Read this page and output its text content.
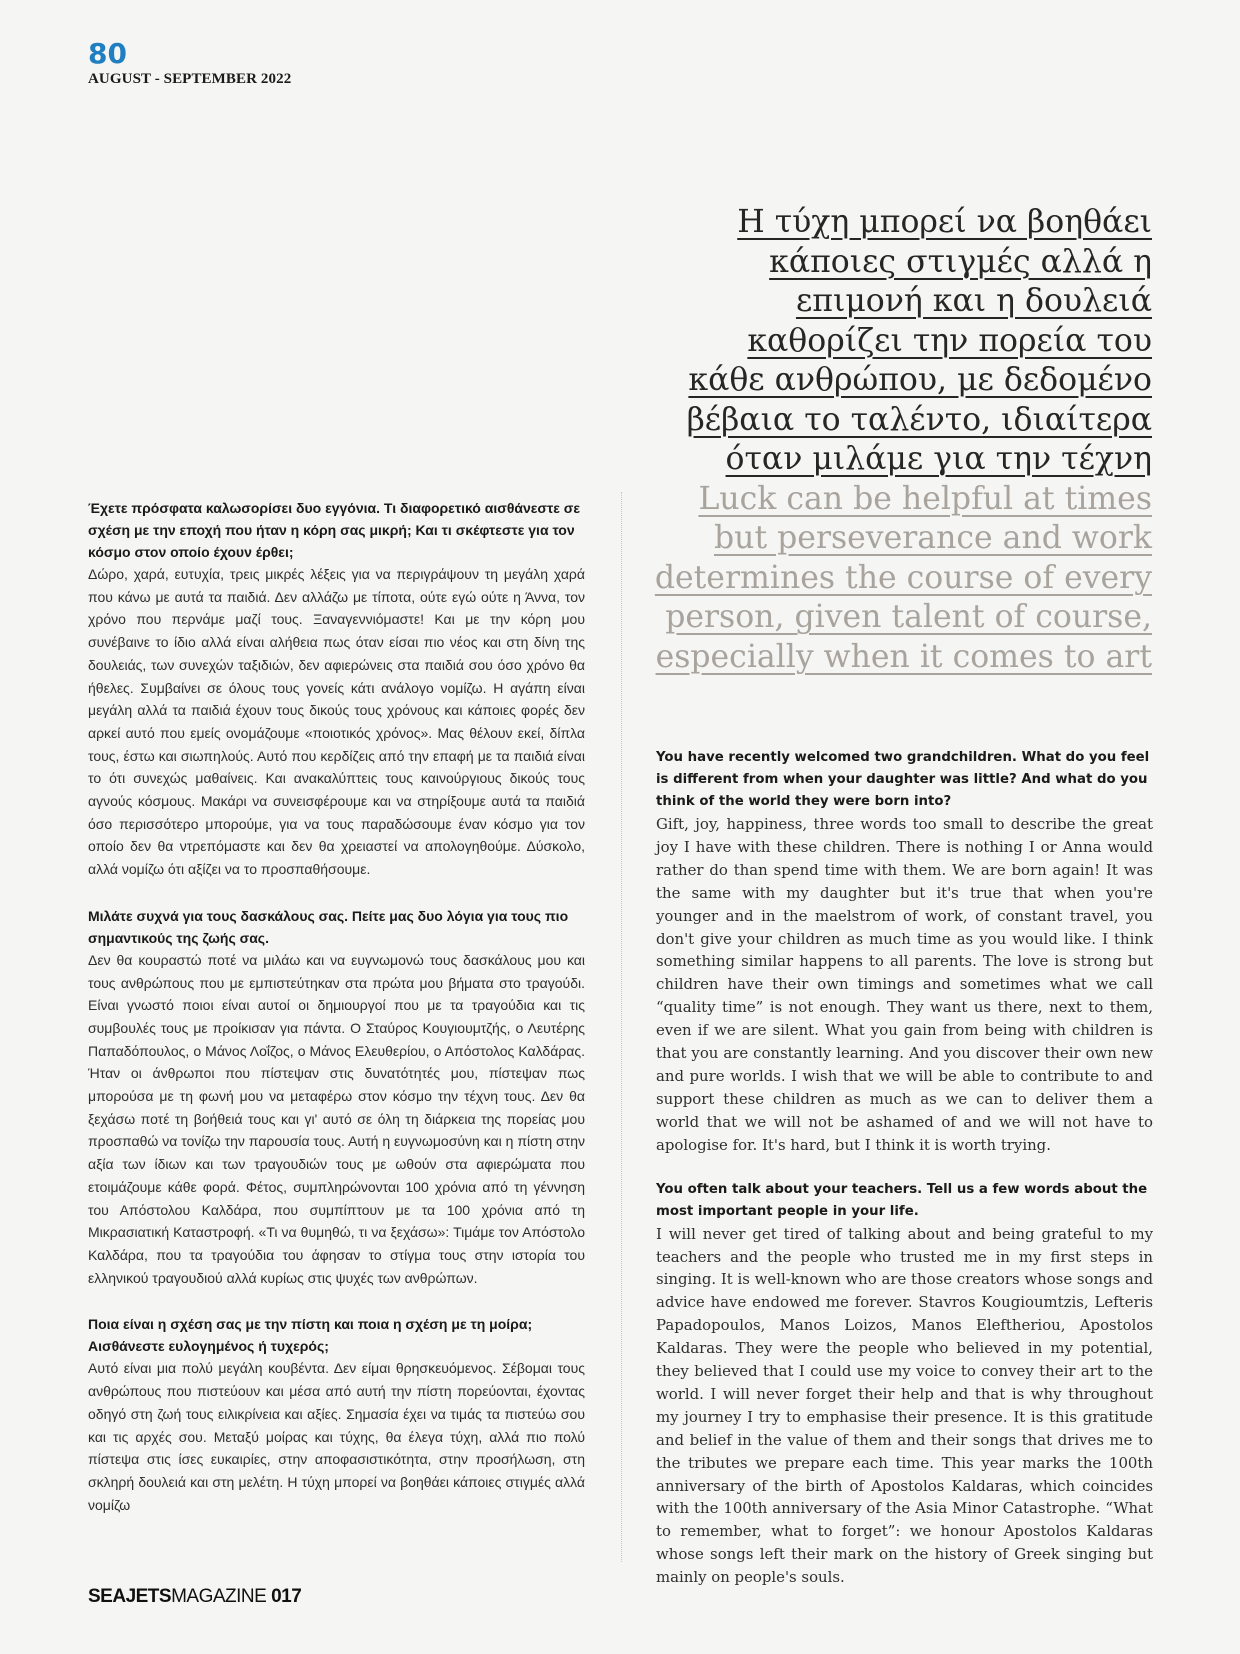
80
AUGUST - SEPTEMBER 2022

Η τύχη μπορεί να βοηθάει

κάποιες στιγμές αλλά η

επιμονή και η δουλειά

καθορίζει την πορεία του

κάθε ανθρώπου, με δεδομένο

βέβαια το ταλέντο, ιδιαίτερα

όταν μιλάμε για την τέχνη

Luck can be helpful at times

but perseverance and work

determines the course of every

person, given talent of course,

especially when it comes to art

Έχετε πρόσφατα καλωσορίσει δυο εγγόνια. Τι διαφορετικό αισθάνεστε σε σχέση με την εποχή που ήταν η κόρη σας μικρή; Και τι σκέφτεστε για τον κόσμο στον οποίο έχουν έρθει;

Δώρο, χαρά, ευτυχία, τρεις μικρές λέξεις για να περιγράψουν τη μεγάλη χαρά που κάνω με αυτά τα παιδιά. Δεν αλλάζω με τίποτα, ούτε εγώ ούτε η Άννα, τον χρόνο που περνάμε μαζί τους. Ξαναγεννιόμαστε! Και με την κόρη μου συνέβαινε το ίδιο αλλά είναι αλήθεια πως όταν είσαι πιο νέος και στη δίνη της δουλειάς, των συνεχών ταξιδιών, δεν αφιερώνεις στα παιδιά σου όσο χρόνο θα ήθελες. Συμβαίνει σε όλους τους γονείς κάτι ανάλογο νομίζω. Η αγάπη είναι μεγάλη αλλά τα παιδιά έχουν τους δικούς τους χρόνους και κάποιες φορές δεν αρκεί αυτό που εμείς ονομάζουμε «ποιοτικός χρόνος». Μας θέλουν εκεί, δίπλα τους, έστω και σιωπηλούς. Αυτό που κερδίζεις από την επαφή με τα παιδιά είναι το ότι συνεχώς μαθαίνεις. Και ανακαλύπτεις τους καινούργιους δικούς τους αγνούς κόσμους. Μακάρι να συνεισφέρουμε και να στηρίξουμε αυτά τα παιδιά όσο περισσότερο μπορούμε, για να τους παραδώσουμε έναν κόσμο για τον οποίο δεν θα ντρεπόμαστε και δεν θα χρειαστεί να απολογηθούμε. Δύσκολο, αλλά νομίζω ότι αξίζει να το προσπαθήσουμε.

Μιλάτε συχνά για τους δασκάλους σας. Πείτε μας δυο λόγια για τους πιο σημαντικούς της ζωής σας.

Δεν θα κουραστώ ποτέ να μιλάω και να ευγνωμονώ τους δασκάλους μου και τους ανθρώπους που με εμπιστεύτηκαν στα πρώτα μου βήματα στο τραγούδι. Είναι γνωστό ποιοι είναι αυτοί οι δημιουργοί που με τα τραγούδια και τις συμβουλές τους με προίκισαν για πάντα. Ο Σταύρος Κουγιουμτζής, ο Λευτέρης Παπαδόπουλος, ο Μάνος Λοΐζος, ο Μάνος Ελευθερίου, ο Απόστολος Καλδάρας. Ήταν οι άνθρωποι που πίστεψαν στις δυνατότητές μου, πίστεψαν πως μπορούσα με τη φωνή μου να μεταφέρω στον κόσμο την τέχνη τους. Δεν θα ξεχάσω ποτέ τη βοήθειά τους και γι' αυτό σε όλη τη διάρκεια της πορείας μου προσπαθώ να τονίζω την παρουσία τους. Αυτή η ευγνωμοσύνη και η πίστη στην αξία των ίδιων και των τραγουδιών τους με ωθούν στα αφιερώματα που ετοιμάζουμε κάθε φορά. Φέτος, συμπληρώνονται 100 χρόνια από τη γέννηση του Απόστολου Καλδάρα, που συμπίπτουν με τα 100 χρόνια από τη Μικρασιατική Καταστροφή. «Τι να θυμηθώ, τι να ξεχάσω»: Τιμάμε τον Απόστολο Καλδάρα, που τα τραγούδια του άφησαν το στίγμα τους στην ιστορία του ελληνικού τραγουδιού αλλά κυρίως στις ψυχές των ανθρώπων.

Ποια είναι η σχέση σας με την πίστη και ποια η σχέση με τη μοίρα; Αισθάνεστε ευλογημένος ή τυχερός;

Αυτό είναι μια πολύ μεγάλη κουβέντα. Δεν είμαι θρησκευόμενος. Σέβομαι τους ανθρώπους που πιστεύουν και μέσα από αυτή την πίστη πορεύονται, έχοντας οδηγό στη ζωή τους ειλικρίνεια και αξίες. Σημασία έχει να τιμάς τα πιστεύω σου και τις αρχές σου. Μεταξύ μοίρας και τύχης, θα έλεγα τύχη, αλλά πιο πολύ πίστεψα στις ίσες ευκαιρίες, στην αποφασιστικότητα, στην προσήλωση, στη σκληρή δουλειά και στη μελέτη. Η τύχη μπορεί να βοηθάει κάποιες στιγμές αλλά νομίζω

You have recently welcomed two grandchildren. What do you feel is different from when your daughter was little? And what do you think of the world they were born into?

Gift, joy, happiness, three words too small to describe the great joy I have with these children. There is nothing I or Anna would rather do than spend time with them. We are born again! It was the same with my daughter but it's true that when you're younger and in the maelstrom of work, of constant travel, you don't give your children as much time as you would like. I think something similar happens to all parents. The love is strong but children have their own timings and sometimes what we call “quality time” is not enough. They want us there, next to them, even if we are silent. What you gain from being with children is that you are constantly learning. And you discover their own new and pure worlds. I wish that we will be able to contribute to and support these children as much as we can to deliver them a world that we will not be ashamed of and we will not have to apologise for. It's hard, but I think it is worth trying.

You often talk about your teachers. Tell us a few words about the most important people in your life.

I will never get tired of talking about and being grateful to my teachers and the people who trusted me in my first steps in singing. It is well-known who are those creators whose songs and advice have endowed me forever. Stavros Kougioumtzis, Lefteris Papadopoulos, Manos Loizos, Manos Eleftheriou, Apostolos Kaldaras. They were the people who believed in my potential, they believed that I could use my voice to convey their art to the world. I will never forget their help and that is why throughout my journey I try to emphasise their presence. It is this gratitude and belief in the value of them and their songs that drives me to the tributes we prepare each time. This year marks the 100th anniversary of the birth of Apostolos Kaldaras, which coincides with the 100th anniversary of the Asia Minor Catastrophe. “What to remember, what to forget”: we honour Apostolos Kaldaras whose songs left their mark on the history of Greek singing but mainly on people's souls.

SEAJETSMAGAZINE 017
